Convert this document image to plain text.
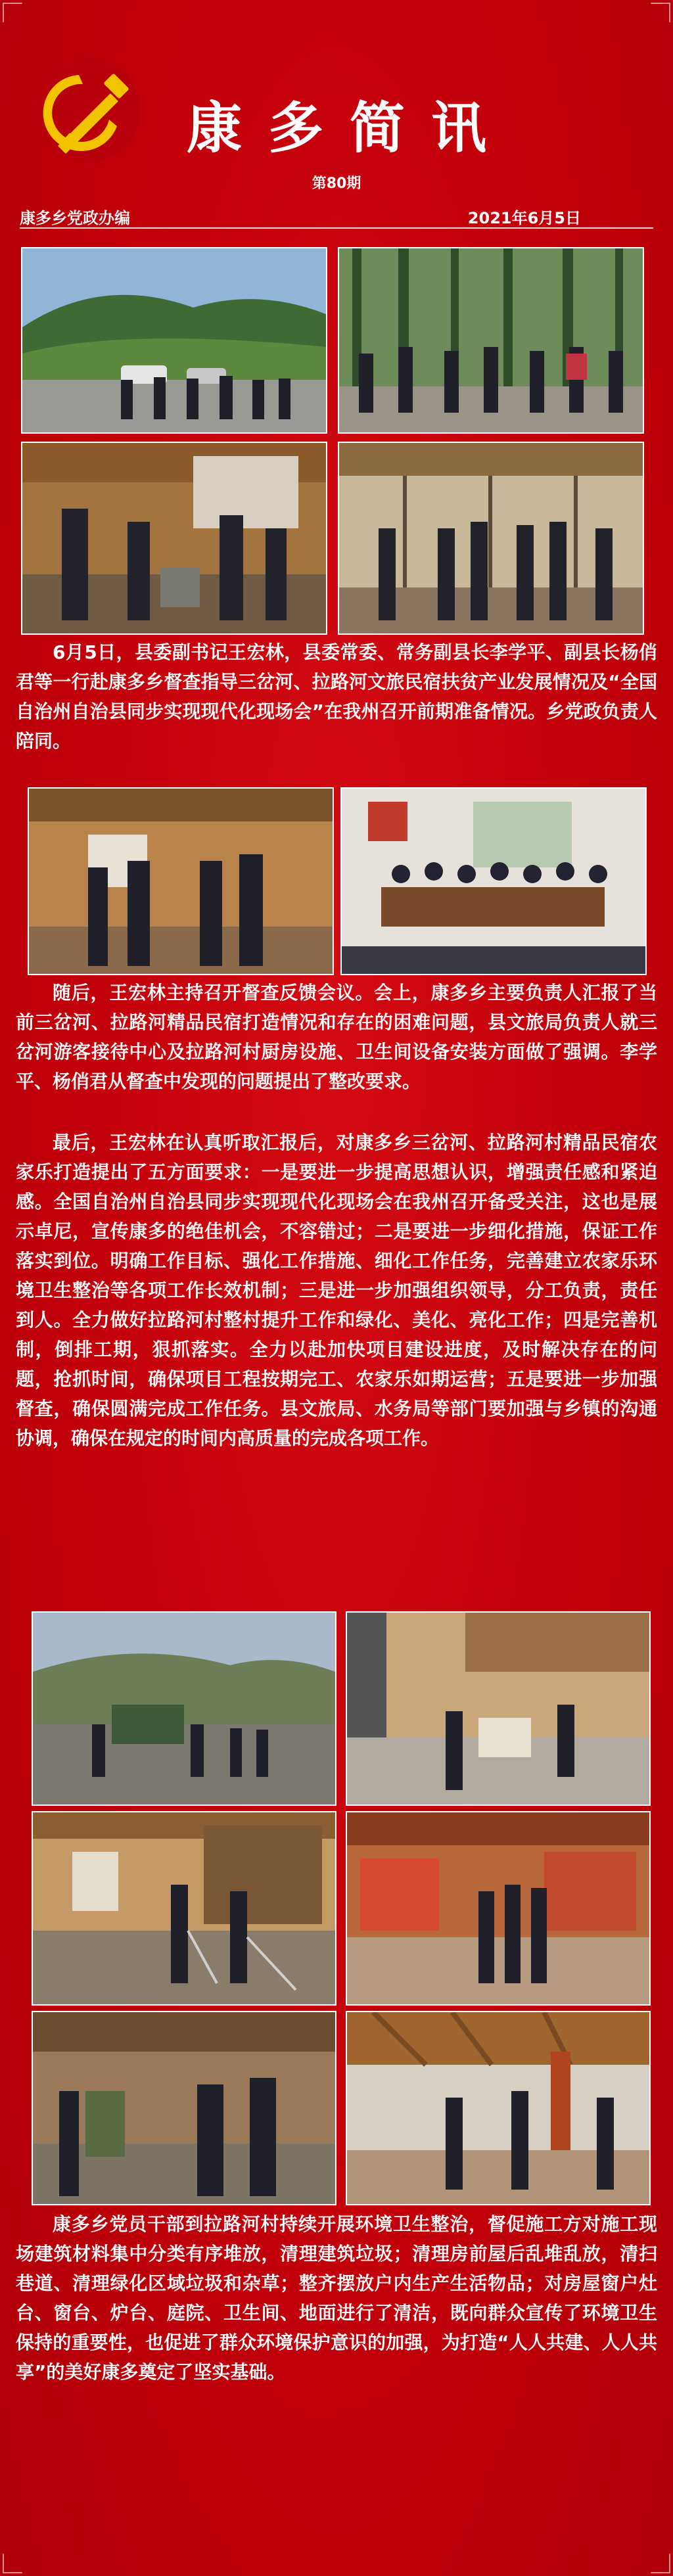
康多简讯
第80期
康多乡党政办编	2021年6月5日

6月5日，县委副书记王宏林，县委常委、常务副县长李学平、副县长杨俏君等一行赴康多乡督查指导三岔河、拉路河文旅民宿扶贫产业发展情况及“全国自治州自治县同步实现现代化现场会”在我州召开前期准备情况。乡党政负责人陪同。

随后，王宏林主持召开督查反馈会议。会上，康多乡主要负责人汇报了当前三岔河、拉路河精品民宿打造情况和存在的困难问题，县文旅局负责人就三岔河游客接待中心及拉路河村厨房设施、卫生间设备安装方面做了强调。李学平、杨俏君从督查中发现的问题提出了整改要求。

最后，王宏林在认真听取汇报后，对康多乡三岔河、拉路河村精品民宿农家乐打造提出了五方面要求：一是要进一步提高思想认识，增强责任感和紧迫感。全国自治州自治县同步实现现代化现场会在我州召开备受关注，这也是展示卓尼，宣传康多的绝佳机会，不容错过；二是要进一步细化措施，保证工作落实到位。明确工作目标、强化工作措施、细化工作任务，完善建立农家乐环境卫生整治等各项工作长效机制；三是进一步加强组织领导，分工负责，责任到人。全力做好拉路河村整村提升工作和绿化、美化、亮化工作；四是完善机制，倒排工期，狠抓落实。全力以赴加快项目建设进度，及时解决存在的问题，抢抓时间，确保项目工程按期完工、农家乐如期运营；五是要进一步加强督查，确保圆满完成工作任务。县文旅局、水务局等部门要加强与乡镇的沟通协调，确保在规定的时间内高质量的完成各项工作。

康多乡党员干部到拉路河村持续开展环境卫生整治，督促施工方对施工现场建筑材料集中分类有序堆放，清理建筑垃圾；清理房前屋后乱堆乱放，清扫巷道、清理绿化区域垃圾和杂草；整齐摆放户内生产生活物品；对房屋窗户灶台、窗台、炉台、庭院、卫生间、地面进行了清洁，既向群众宣传了环境卫生保持的重要性，也促进了群众环境保护意识的加强，为打造“人人共建、人人共享”的美好康多奠定了坚实基础。
